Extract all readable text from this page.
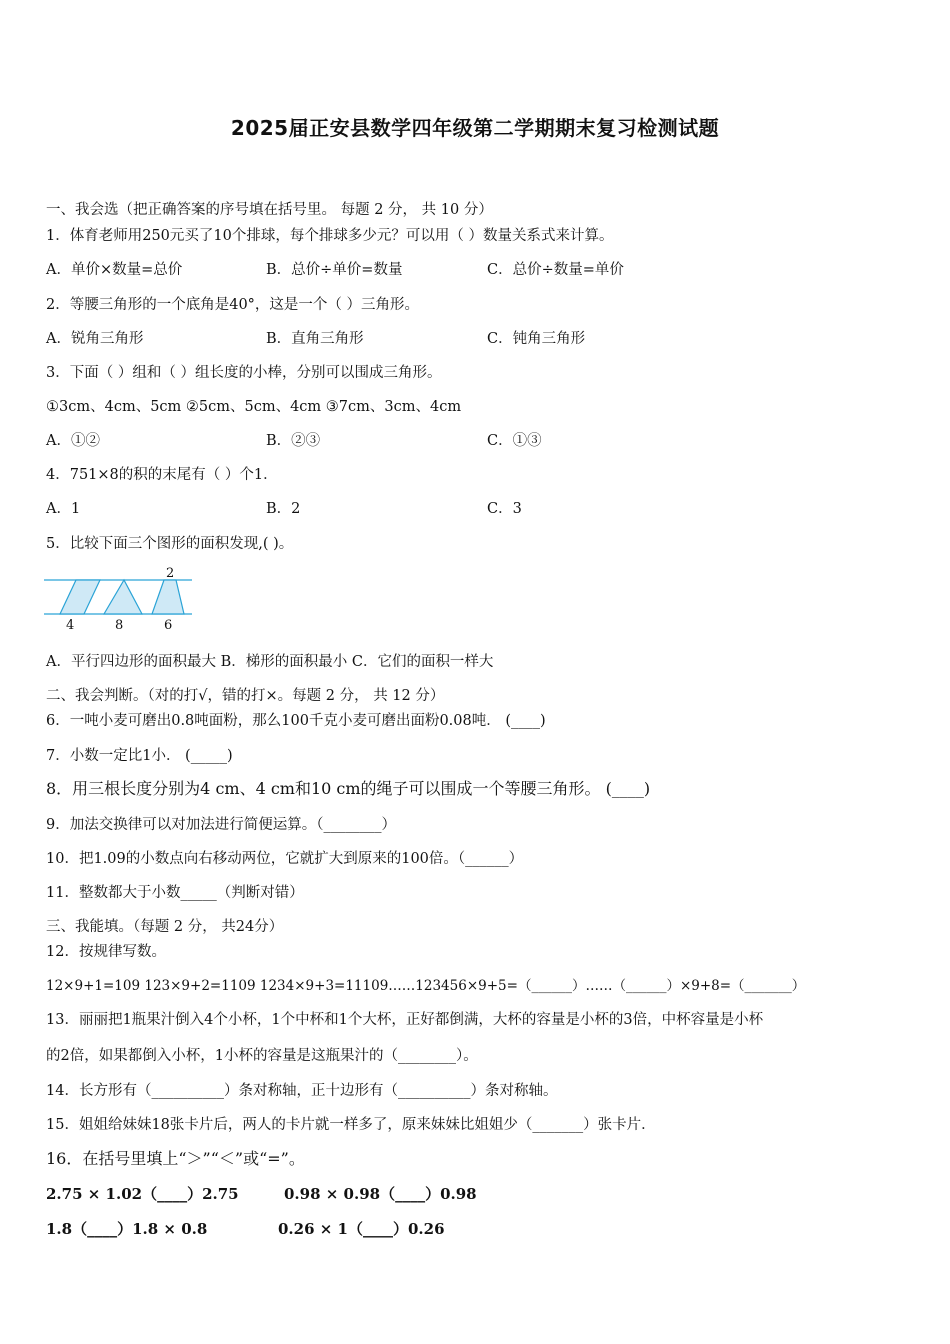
2025届正安县数学四年级第二学期期末复习检测试题
一、我会选（把正确答案的序号填在括号里。 每题 2 分， 共 10 分）
1．体育老师用250元买了10个排球，每个排球多少元？可以用（ ）数量关系式来计算。
A．单价×数量=总价	B．总价÷单价=数量	C．总价÷数量=单价
2．等腰三角形的一个底角是40°，这是一个（ ）三角形。
A．锐角三角形	B．直角三角形	C．钝角三角形
3．下面（ ）组和（ ）组长度的小棒，分别可以围成三角形。
①3cm、4cm、5cm ②5cm、5cm、4cm ③7cm、3cm、4cm
A．①②	B．②③	C．①③
4．751×8的积的末尾有（ ）个1．
A．1	B．2	C．3
5．比较下面三个图形的面积发现,( )。
2
4	8	6
A．平行四边形的面积最大 B．梯形的面积最小 C．它们的面积一样大
二、我会判断。（对的打√，错的打×。每题 2 分， 共 12 分）
6．一吨小麦可磨出0.8吨面粉，那么100千克小麦可磨出面粉0.08吨． (____)
7．小数一定比1小． (_____)
8．用三根长度分别为4 cm、4 cm和10 cm的绳子可以围成一个等腰三角形。 (____)
9．加法交换律可以对加法进行简便运算。（________）
10．把1.09的小数点向右移动两位，它就扩大到原来的100倍。（______）
11．整数都大于小数_____（判断对错）
三、我能填。（每题 2 分， 共24分）
12．按规律写数。
12×9+1=109 123×9+2=1109 1234×9+3=11109……123456×9+5=（______）……（______）×9+8=（_______）
13．丽丽把1瓶果汁倒入4个小杯，1个中杯和1个大杯，正好都倒满，大杯的容量是小杯的3倍，中杯容量是小杯
的2倍，如果都倒入小杯，1小杯的容量是这瓶果汁的（________）。
14．长方形有（__________）条对称轴，正十边形有（__________）条对称轴。
15．姐姐给妹妹18张卡片后，两人的卡片就一样多了，原来妹妹比姐姐少（_______）张卡片．
16．在括号里填上“＞”“＜”或“=”。
2.75 × 1.02（____）2.75	0.98 × 0.98（____）0.98
1.8（____）1.8 × 0.8	0.26 × 1（____）0.26
